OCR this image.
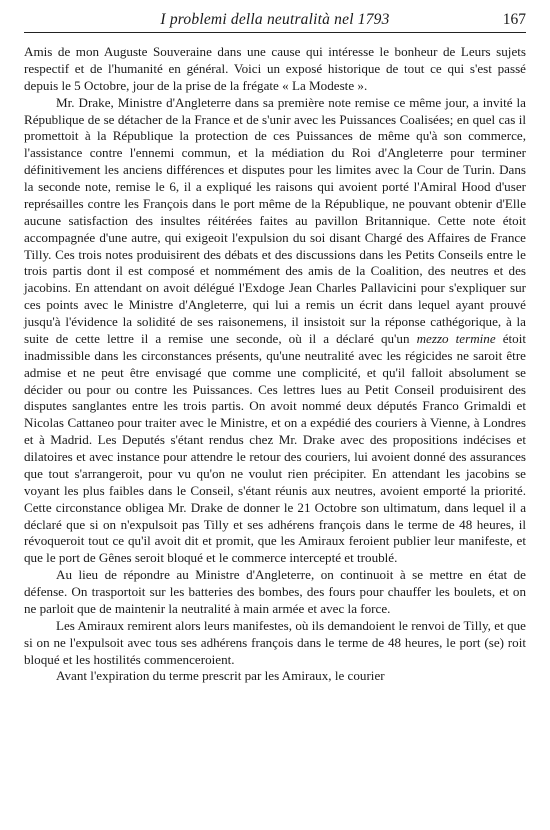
I problemi della neutralità nel 1793	167

Amis de mon Auguste Souveraine dans une cause qui intéresse le bonheur de Leurs sujets respectif et de l'humanité en général. Voici un exposé historique de tout ce qui s'est passé depuis le 5 Octobre, jour de la prise de la frégate « La Modeste ».

Mr. Drake, Ministre d'Angleterre dans sa première note remise ce même jour, a invité la République de se détacher de la France et de s'unir avec les Puissances Coalisées; en quel cas il promettoit à la République la protection de ces Puissances de même qu'à son commerce, l'assistance contre l'ennemi commun, et la médiation du Roi d'Angleterre pour terminer définitivement les anciens différences et disputes pour les limites avec la Cour de Turin. Dans la seconde note, remise le 6, il a expliqué les raisons qui avoient porté l'Amiral Hood d'user représailles contre les François dans le port même de la République, ne pouvant obtenir d'Elle aucune satisfaction des insultes réitérées faites au pavillon Britannique. Cette note étoit accompagnée d'une autre, qui exigeoit l'expulsion du soi disant Chargé des Affaires de France Tilly. Ces trois notes produisirent des débats et des discussions dans les Petits Conseils entre le trois partis dont il est composé et nommément des amis de la Coalition, des neutres et des jacobins. En attendant on avoit délégué l'Exdoge Jean Charles Pallavicini pour s'expliquer sur ces points avec le Ministre d'Angleterre, qui lui a remis un écrit dans lequel ayant prouvé jusqu'à l'évidence la solidité de ses raisonemens, il insistoit sur la réponse cathégorique, à la suite de cette lettre il a remise une seconde, où il a déclaré qu'un mezzo termine étoit inadmissible dans les circonstances présents, qu'une neutralité avec les régicides ne saroit être admise et ne peut être envisagé que comme une complicité, et qu'il falloit absolument se décider ou pour ou contre les Puissances. Ces lettres lues au Petit Conseil produisirent des disputes sanglantes entre les trois partis. On avoit nommé deux députés Franco Grimaldi et Nicolas Cattaneo pour traiter avec le Ministre, et on a expédié des couriers à Vienne, à Londres et à Madrid. Les Deputés s'étant rendus chez Mr. Drake avec des propositions indécises et dilatoires et avec instance pour attendre le retour des couriers, lui avoient donné des assurances que tout s'arrangeroit, pour vu qu'on ne voulut rien précipiter. En attendant les jacobins se voyant les plus faibles dans le Conseil, s'étant réunis aux neutres, avoient emporté la priorité. Cette circonstance obligea Mr. Drake de donner le 21 Octobre son ultimatum, dans lequel il a déclaré que si on n'expulsoit pas Tilly et ses adhérens françois dans le terme de 48 heures, il révoqueroit tout ce qu'il avoit dit et promit, que les Amiraux feroient publier leur manifeste, et que le port de Gênes seroit bloqué et le commerce intercepté et troublé.

Au lieu de répondre au Ministre d'Angleterre, on continuoit à se mettre en état de défense. On trasportoit sur les batteries des bombes, des fours pour chauffer les boulets, et on ne parloit que de maintenir la neutralité à main armée et avec la force.

Les Amiraux remirent alors leurs manifestes, où ils demandoient le renvoi de Tilly, et que si on ne l'expulsoit avec tous ses adhérens françois dans le terme de 48 heures, le port (se) roit bloqué et les hostilités commenceroient.

Avant l'expiration du terme prescrit par les Amiraux, le courier
